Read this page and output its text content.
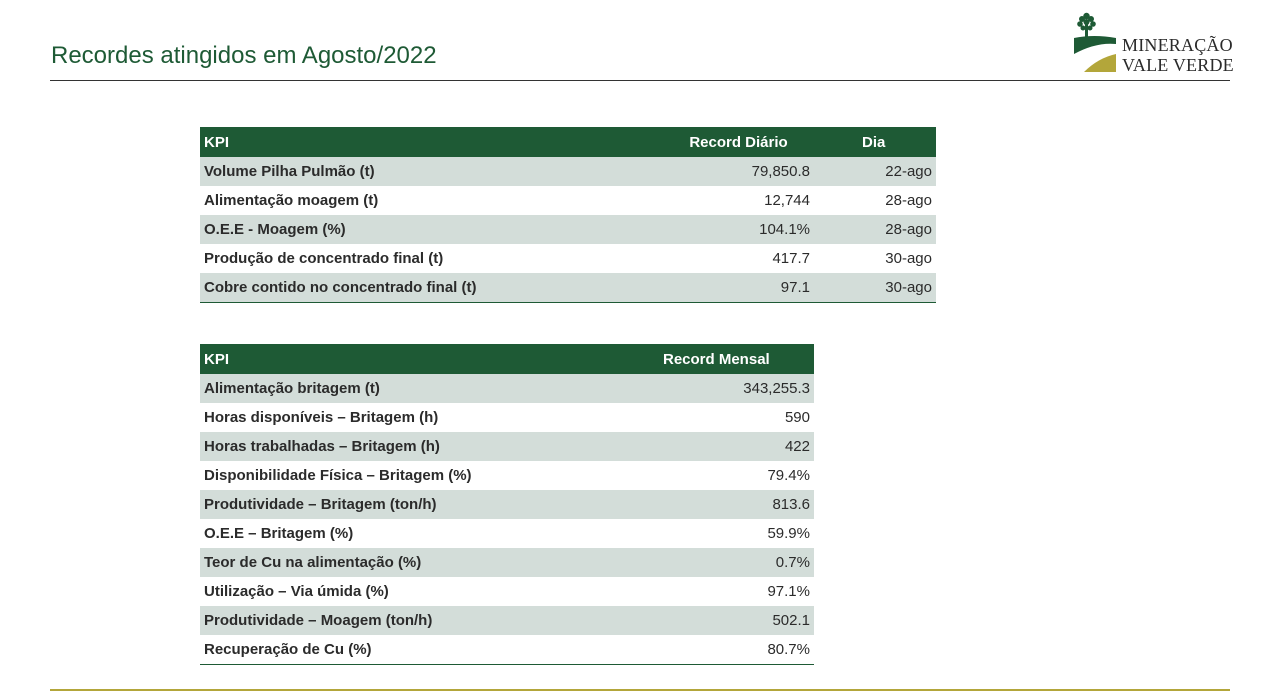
Recordes atingidos em Agosto/2022	MINERAÇÃO
VALE VERDE
KPI	Record Diário	Dia
Volume Pilha Pulmão (t)	79,850.8	22-ago
Alimentação moagem (t)	12,744	28-ago
O.E.E - Moagem (%)	104.1%	28-ago
Produção de concentrado final (t)	417.7	30-ago
Cobre contido no concentrado final (t)	97.1	30-ago
KPI	Record Mensal
Alimentação britagem (t)	343,255.3
Horas disponíveis – Britagem (h)	590
Horas trabalhadas – Britagem (h)	422
Disponibilidade Física – Britagem (%)	79.4%
Produtividade – Britagem (ton/h)	813.6
O.E.E – Britagem (%)	59.9%
Teor de Cu na alimentação (%)	0.7%
Utilização – Via úmida (%)	97.1%
Produtividade – Moagem (ton/h)	502.1
Recuperação de Cu (%)	80.7%
